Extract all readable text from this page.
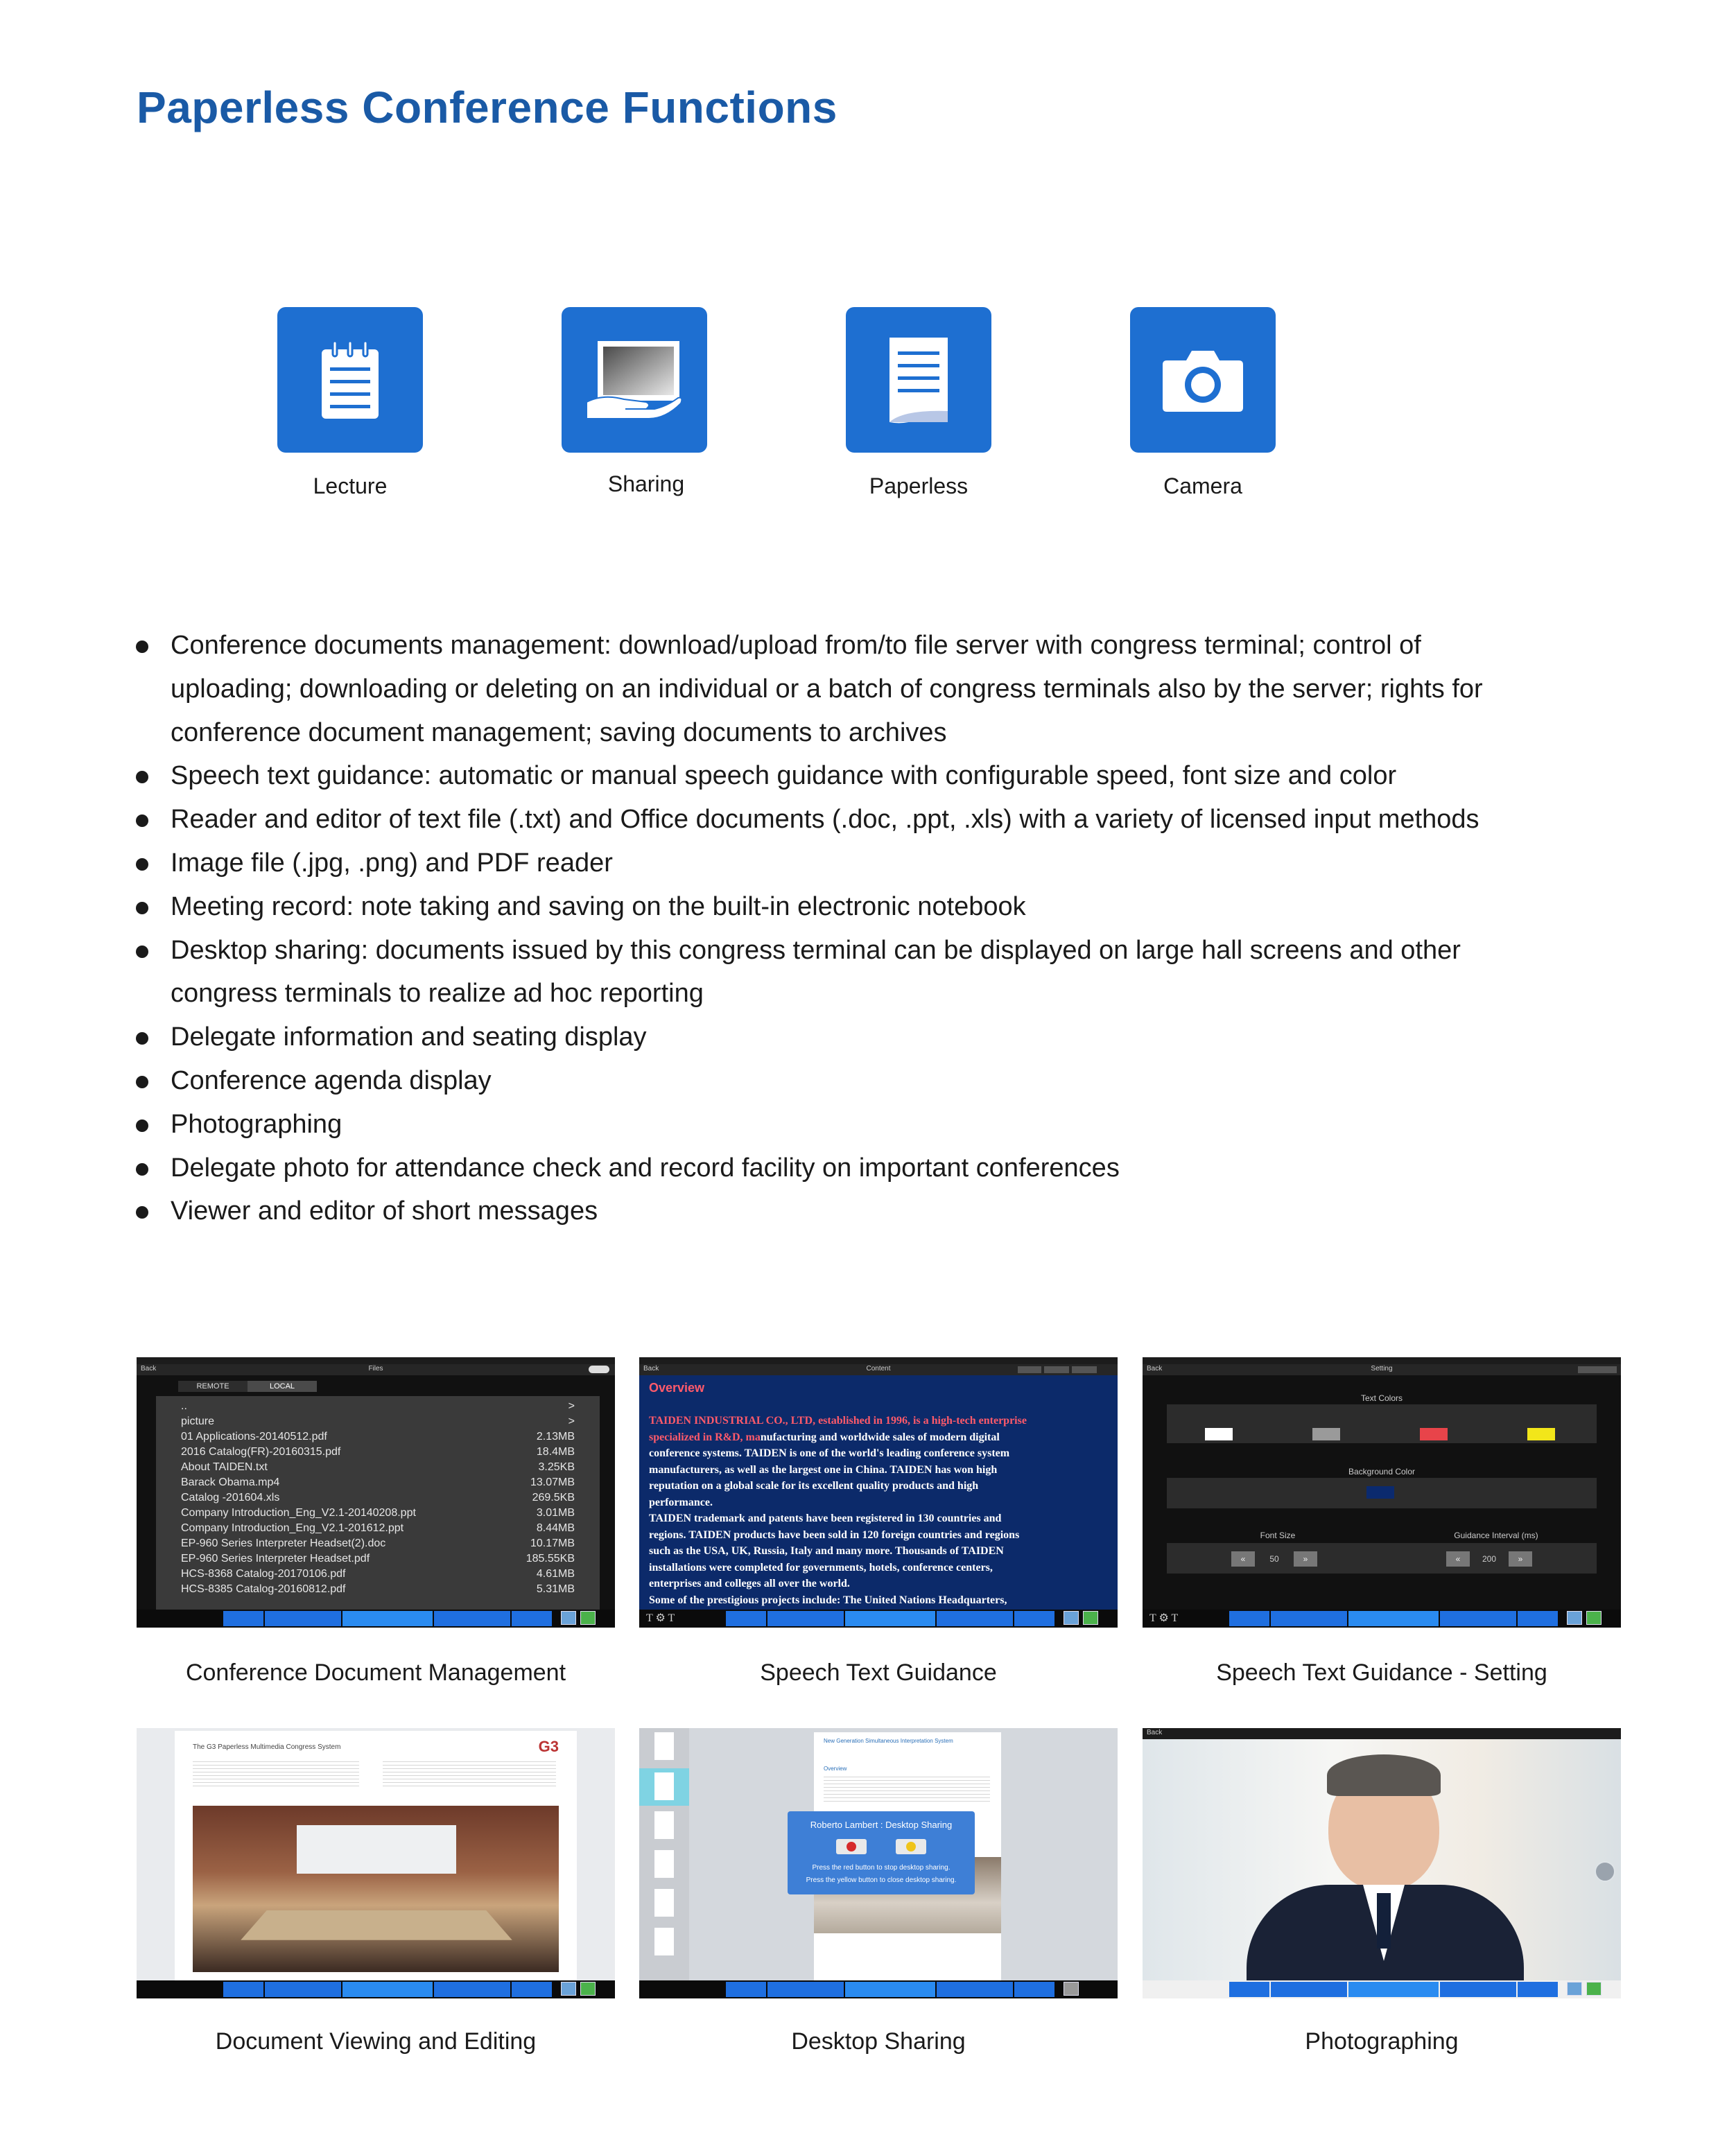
Paperless Conference Functions
Lecture	Sharing	Paperless	Camera
Conference documents management: download/upload from/to file server with congress terminal; control of
uploading; downloading or deleting on an individual or a batch of congress terminals also by the server; rights for
conference document management; saving documents to archives
Speech text guidance: automatic or manual speech guidance with configurable speed, font size and color
Reader and editor of text file (.txt) and Office documents (.doc, .ppt, .xls) with a variety of licensed input methods
Image file (.jpg, .png) and PDF reader
Meeting record: note taking and saving on the built-in electronic notebook
Desktop sharing: documents issued by this congress terminal can be displayed on large hall screens and other
congress terminals to realize ad hoc reporting
Delegate information and seating display
Conference agenda display
Photographing
Delegate photo for attendance check and record facility on important conferences
Viewer and editor of short messages
Back	Files
REMOTE	LOCAL
..	>
picture	>
01 Applications-20140512.pdf	2.13MB
2016 Catalog(FR)-20160315.pdf	18.4MB
About TAIDEN.txt	3.25KB
Barack Obama.mp4	13.07MB
Catalog -201604.xls	269.5KB
Company Introduction_Eng_V2.1-20140208.ppt	3.01MB
Company Introduction_Eng_V2.1-201612.ppt	8.44MB
EP-960 Series Interpreter Headset(2).doc	10.17MB
EP-960 Series Interpreter Headset.pdf	185.55KB
HCS-8368 Catalog-20170106.pdf	4.61MB
HCS-8385 Catalog-20160812.pdf	5.31MB
Conference Document Management
Back	Content
Overview
TAIDEN INDUSTRIAL CO., LTD, established in 1996, is a high-tech enterprise
specialized in R&D, manufacturing and worldwide sales of modern digital
conference systems. TAIDEN is one of the world's leading conference system
manufacturers, as well as the largest one in China. TAIDEN has won high
reputation on a global scale for its excellent quality products and high
performance.
TAIDEN trademark and patents have been registered in 130 countries and
regions. TAIDEN products have been sold in 120 foreign countries and regions
such as the USA, UK, Russia, Italy and many more. Thousands of TAIDEN
installations were completed for governments, hotels, conference centers,
enterprises and colleges all over the world.
Some of the prestigious projects include: The United Nations Headquarters,
T ⚙ T
Speech Text Guidance
Back	Setting
Text Colors
Background Color
Font Size	Guidance Interval (ms)
«	50	»	«	200	»
T ⚙ T
Speech Text Guidance - Setting
The G3 Paperless Multimedia Congress System	G3
Document Viewing and Editing
New Generation Simultaneous Interpretation System
Overview
Roberto Lambert : Desktop Sharing
Press the red button to stop desktop sharing.
Press the yellow button to close desktop sharing.
Desktop Sharing
Back
Photographing
